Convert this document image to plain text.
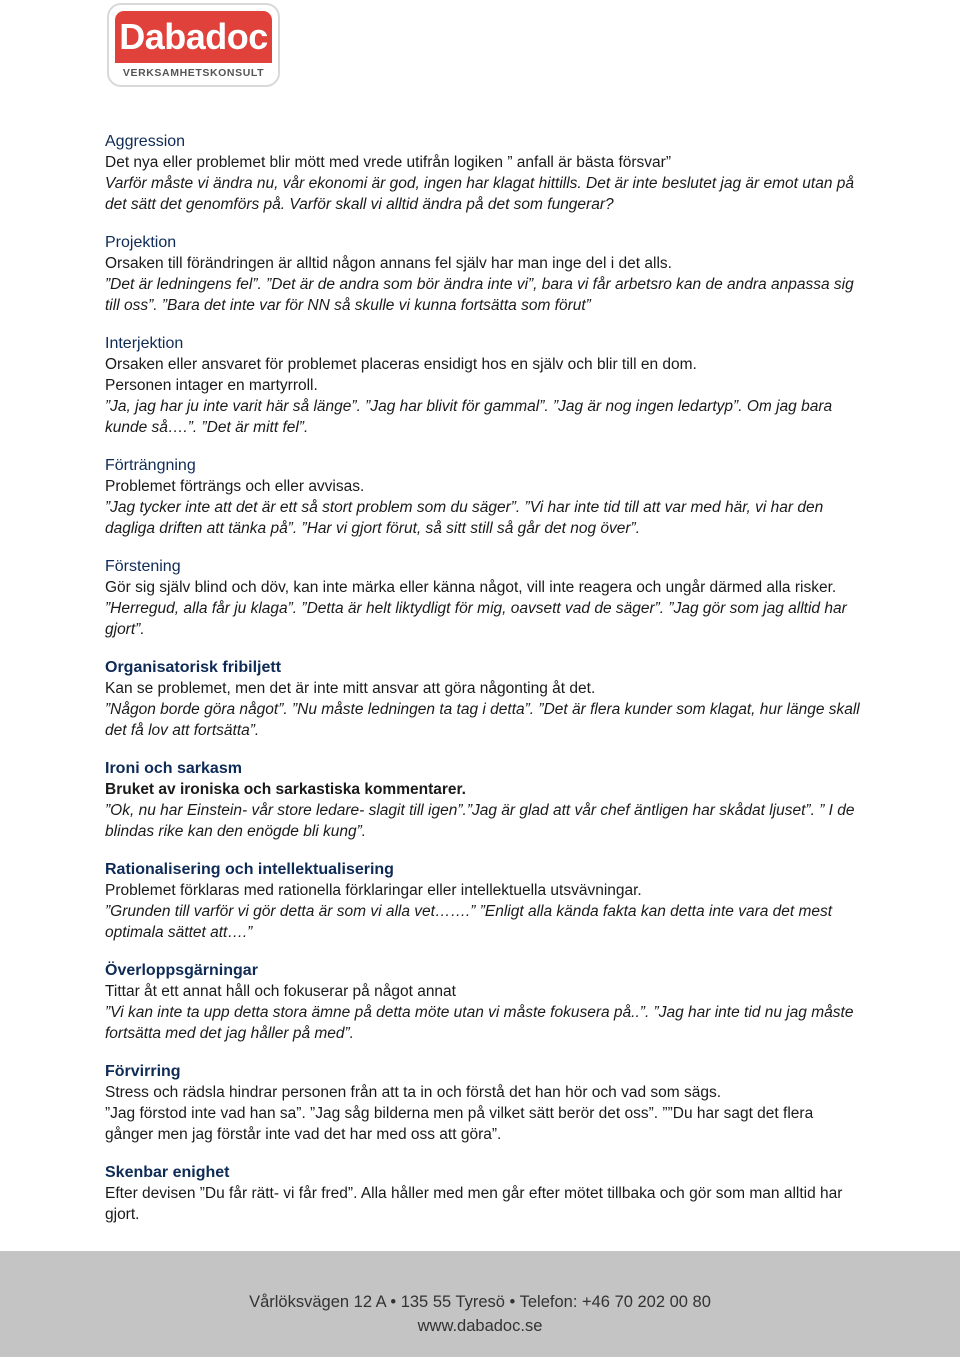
Dabadoc
VERKSAMHETSKONSULT
Aggression

Det nya eller problemet blir mött med vrede utifrån logiken ” anfall är bästa försvar”

Varför måste vi ändra nu, vår ekonomi är god, ingen har klagat hittills. Det är inte beslutet jag är emot utan på det sätt det genomförs på. Varför skall vi alltid ändra på det som fungerar?

Projektion

Orsaken till förändringen är alltid någon annans fel själv har man inge del i det alls.

”Det är ledningens fel”. ”Det är de andra som bör ändra inte vi”, bara vi får arbetsro kan de andra anpassa sig till oss”. ”Bara det inte var för NN så skulle vi kunna fortsätta som förut”

Interjektion

Orsaken eller ansvaret för problemet placeras ensidigt hos en själv och blir till en dom.

Personen intager en martyrroll.

”Ja, jag har ju inte varit här så länge”. ”Jag har blivit för gammal”. ”Jag är nog ingen ledartyp”. Om jag bara kunde så….”. ”Det är mitt fel”.

Förträngning

Problemet förträngs och eller avvisas.

”Jag tycker inte att det är ett så stort problem som du säger”. ”Vi har inte tid till att var med här, vi har den dagliga driften att tänka på”. ”Har vi gjort förut, så sitt still så går det nog över”.

Förstening

Gör sig själv blind och döv, kan inte märka eller känna något, vill inte reagera och ungår därmed alla risker.

”Herregud, alla får ju klaga”. ”Detta är helt liktydligt för mig, oavsett vad de säger”. ”Jag gör som jag alltid har gjort”.

Organisatorisk fribiljett

Kan se problemet, men det är inte mitt ansvar att göra någonting åt det.

”Någon borde göra något”. ”Nu måste ledningen ta tag i detta”. ”Det är flera kunder som klagat, hur länge skall det få lov att fortsätta”.

Ironi och sarkasm

Bruket av ironiska och sarkastiska kommentarer.

”Ok, nu har Einstein- vår store ledare- slagit till igen”.”Jag är glad att vår chef äntligen har skådat ljuset”. ” I de blindas rike kan den enögde bli kung”.

Rationalisering och intellektualisering

Problemet förklaras med rationella förklaringar eller intellektuella utsvävningar.

”Grunden till varför vi gör detta är som vi alla vet…….” ”Enligt alla kända fakta kan detta inte vara det mest optimala sättet att….”

Överloppsgärningar

Tittar åt ett annat håll och fokuserar på något annat

”Vi kan inte ta upp detta stora ämne på detta möte utan vi måste fokusera på..”. ”Jag har inte tid nu jag måste fortsätta med det jag håller på med”.

Förvirring

Stress och rädsla hindrar personen från att ta in och förstå det han hör och vad som sägs.

”Jag förstod inte vad han sa”. ”Jag såg bilderna men på vilket sätt berör det oss”. ””Du har sagt det flera gånger men jag förstår inte vad det har med oss att göra”.

Skenbar enighet

Efter devisen ”Du får rätt- vi får fred”. Alla håller med men går efter mötet tillbaka och gör som man alltid har gjort.

Vårlöksvägen 12 A • 135 55 Tyresö • Telefon: +46 70 202 00 80
www.dabadoc.se
